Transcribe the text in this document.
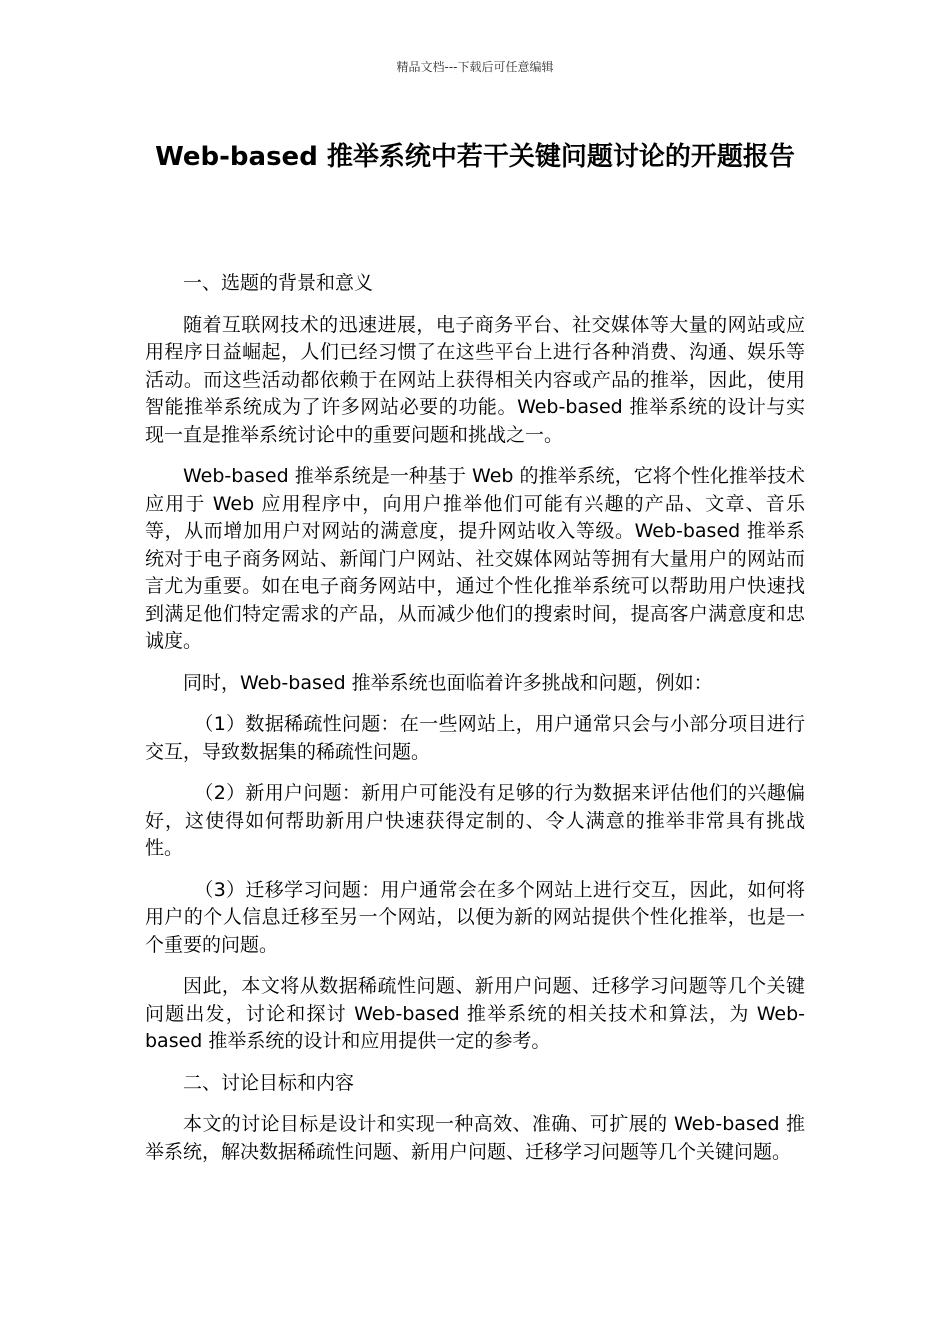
精品文档---下载后可任意编辑
Web-based 推举系统中若干关键问题讨论的开题报告

一、选题的背景和意义

随着互联网技术的迅速进展，电子商务平台、社交媒体等大量的网站或应用程序日益崛起，人们已经习惯了在这些平台上进行各种消费、沟通、娱乐等活动。而这些活动都依赖于在网站上获得相关内容或产品的推举，因此，使用智能推举系统成为了许多网站必要的功能。Web-based 推举系统的设计与实现一直是推举系统讨论中的重要问题和挑战之一。

Web-based 推举系统是一种基于 Web 的推举系统，它将个性化推举技术应用于 Web 应用程序中，向用户推举他们可能有兴趣的产品、文章、音乐等，从而增加用户对网站的满意度，提升网站收入等级。Web-based 推举系统对于电子商务网站、新闻门户网站、社交媒体网站等拥有大量用户的网站而言尤为重要。如在电子商务网站中，通过个性化推举系统可以帮助用户快速找到满足他们特定需求的产品，从而减少他们的搜索时间，提高客户满意度和忠诚度。

同时，Web-based 推举系统也面临着许多挑战和问题，例如：

（1）数据稀疏性问题：在一些网站上，用户通常只会与小部分项目进行交互，导致数据集的稀疏性问题。

（2）新用户问题：新用户可能没有足够的行为数据来评估他们的兴趣偏好，这使得如何帮助新用户快速获得定制的、令人满意的推举非常具有挑战性。

（3）迁移学习问题：用户通常会在多个网站上进行交互，因此，如何将用户的个人信息迁移至另一个网站，以便为新的网站提供个性化推举，也是一个重要的问题。

因此，本文将从数据稀疏性问题、新用户问题、迁移学习问题等几个关键问题出发，讨论和探讨 Web-based 推举系统的相关技术和算法，为 Web-based 推举系统的设计和应用提供一定的参考。

二、讨论目标和内容

本文的讨论目标是设计和实现一种高效、准确、可扩展的 Web-based 推举系统，解决数据稀疏性问题、新用户问题、迁移学习问题等几个关键问题。
